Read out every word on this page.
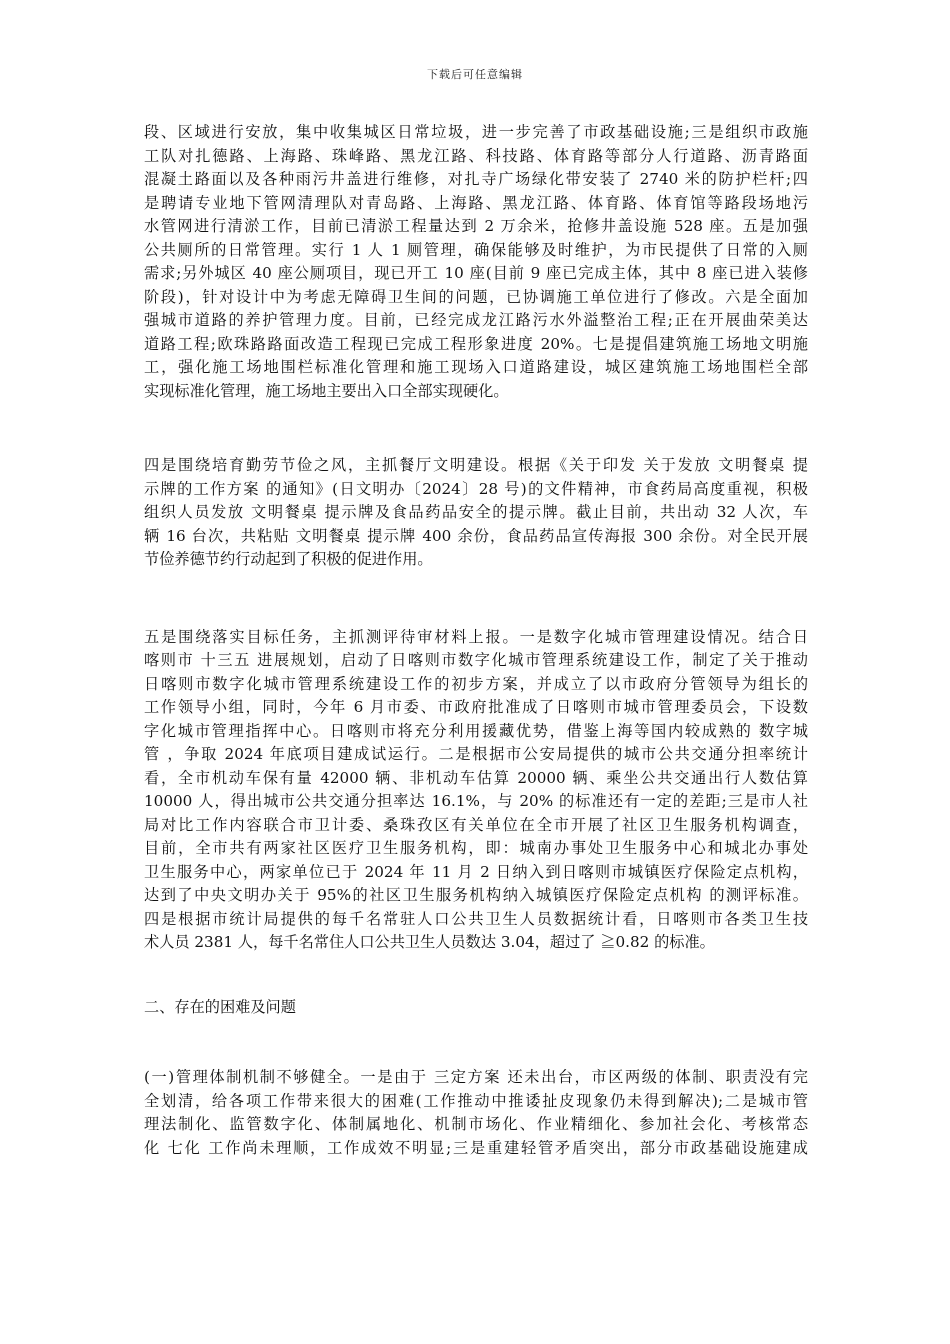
下载后可任意编辑
段、区域进行安放，集中收集城区日常垃圾，进一步完善了市政基础设施;三是组织市政施
工队对扎德路、上海路、珠峰路、黑龙江路、科技路、体育路等部分人行道路、沥青路面
混凝土路面以及各种雨污井盖进行维修，对扎寺广场绿化带安装了 2740 米的防护栏杆;四
是聘请专业地下管网清理队对青岛路、上海路、黑龙江路、体育路、体育馆等路段场地污
水管网进行清淤工作，目前已清淤工程量达到 2 万余米，抢修井盖设施 528 座。五是加强
公共厕所的日常管理。实行 1 人 1 厕管理，确保能够及时维护，为市民提供了日常的入厕
需求;另外城区 40 座公厕项目，现已开工 10 座(目前 9 座已完成主体，其中 8 座已进入装修
阶段)，针对设计中为考虑无障碍卫生间的问题，已协调施工单位进行了修改。六是全面加
强城市道路的养护管理力度。目前，已经完成龙江路污水外溢整治工程;正在开展曲荣美达
道路工程;欧珠路路面改造工程现已完成工程形象进度 20%。七是提倡建筑施工场地文明施
工，强化施工场地围栏标准化管理和施工现场入口道路建设，城区建筑施工场地围栏全部
实现标准化管理，施工场地主要出入口全部实现硬化。
四是围绕培育勤劳节俭之风，主抓餐厅文明建设。根据《关于印发 关于发放 文明餐桌 提
示牌的工作方案 的通知》(日文明办〔2024〕28 号)的文件精神，市食药局高度重视，积极
组织人员发放 文明餐桌 提示牌及食品药品安全的提示牌。截止目前，共出动 32 人次，车
辆 16 台次，共粘贴 文明餐桌 提示牌 400 余份，食品药品宣传海报 300 余份。对全民开展
节俭养德节约行动起到了积极的促进作用。
五是围绕落实目标任务，主抓测评待审材料上报。一是数字化城市管理建设情况。结合日
喀则市 十三五 进展规划，启动了日喀则市数字化城市管理系统建设工作，制定了关于推动
日喀则市数字化城市管理系统建设工作的初步方案，并成立了以市政府分管领导为组长的
工作领导小组，同时，今年 6 月市委、市政府批准成了日喀则市城市管理委员会，下设数
字化城市管理指挥中心。日喀则市将充分利用援藏优势，借鉴上海等国内较成熟的 数字城
管 ，争取 2024 年底项目建成试运行。二是根据市公安局提供的城市公共交通分担率统计
看，全市机动车保有量 42000 辆、非机动车估算 20000 辆、乘坐公共交通出行人数估算
10000 人，得出城市公共交通分担率达 16.1%，与 20% 的标准还有一定的差距;三是市人社
局对比工作内容联合市卫计委、桑珠孜区有关单位在全市开展了社区卫生服务机构调查，
目前，全市共有两家社区医疗卫生服务机构，即：城南办事处卫生服务中心和城北办事处
卫生服务中心，两家单位已于 2024 年 11 月 2 日纳入到日喀则市城镇医疗保险定点机构，
达到了中央文明办关于 95%的社区卫生服务机构纳入城镇医疗保险定点机构 的测评标准。
四是根据市统计局提供的每千名常驻人口公共卫生人员数据统计看，日喀则市各类卫生技
术人员 2381 人，每千名常住人口公共卫生人员数达 3.04，超过了 ≧0.82 的标准。
二、存在的困难及问题
(一)管理体制机制不够健全。一是由于 三定方案 还未出台，市区两级的体制、职责没有完
全划清，给各项工作带来很大的困难(工作推动中推诿扯皮现象仍未得到解决);二是城市管
理法制化、监管数字化、体制属地化、机制市场化、作业精细化、参加社会化、考核常态
化 七化 工作尚未理顺，工作成效不明显;三是重建轻管矛盾突出，部分市政基础设施建成
